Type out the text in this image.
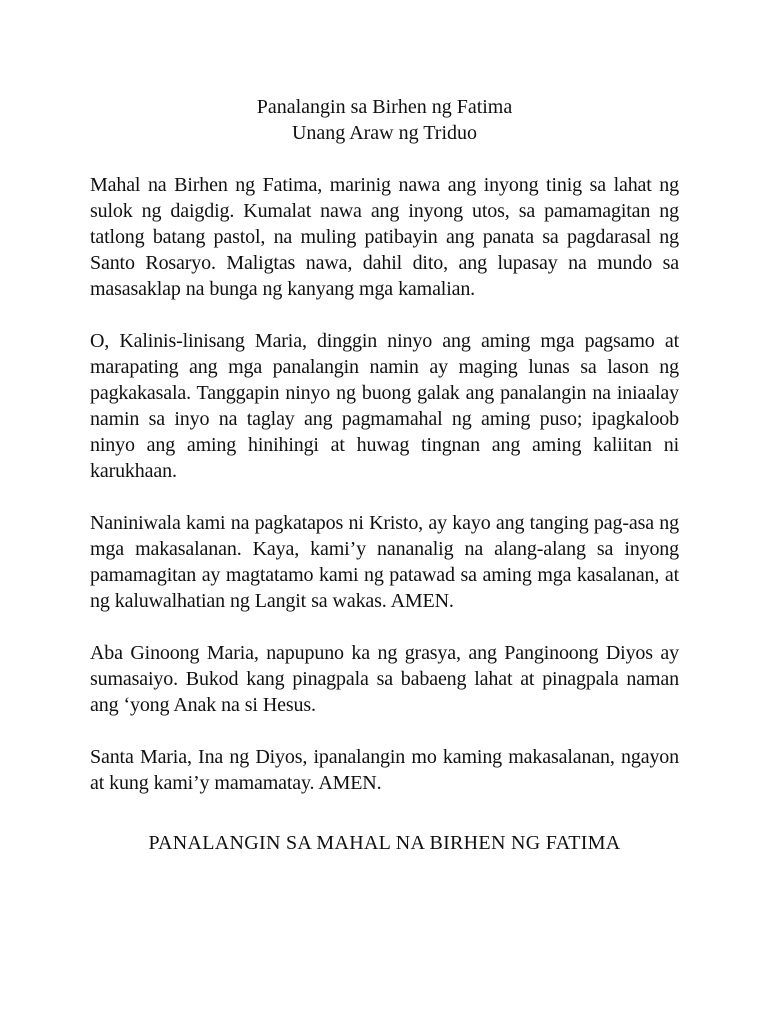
Panalangin sa Birhen ng Fatima
Unang Araw ng Triduo

Mahal na Birhen ng Fatima, marinig nawa ang inyong tinig sa lahat ng sulok ng daigdig. Kumalat nawa ang inyong utos, sa pamamagitan ng tatlong batang pastol, na muling patibayin ang panata sa pagdarasal ng Santo Rosaryo. Maligtas nawa, dahil dito, ang lupasay na mundo sa masasaklap na bunga ng kanyang mga kamalian.

O, Kalinis-linisang Maria, dinggin ninyo ang aming mga pagsamo at marapating ang mga panalangin namin ay maging lunas sa lason ng pagkakasala. Tanggapin ninyo ng buong galak ang panalangin na iniaalay namin sa inyo na taglay ang pagmamahal ng aming puso; ipagkaloob ninyo ang aming hinihingi at huwag tingnan ang aming kaliitan ni karukhaan.

Naniniwala kami na pagkatapos ni Kristo, ay kayo ang tanging pag-asa ng mga makasalanan. Kaya, kami’y nananalig na alang-alang sa inyong pamamagitan ay magtatamo kami ng patawad sa aming mga kasalanan, at ng kaluwalhatian ng Langit sa wakas. AMEN.

Aba Ginoong Maria, napupuno ka ng grasya, ang Panginoong Diyos ay sumasaiyo. Bukod kang pinagpala sa babaeng lahat at pinagpala naman ang ‘yong Anak na si Hesus.

Santa Maria, Ina ng Diyos, ipanalangin mo kaming makasalanan, ngayon at kung kami’y mamamatay. AMEN.

PANALANGIN SA MAHAL NA BIRHEN NG FATIMA
